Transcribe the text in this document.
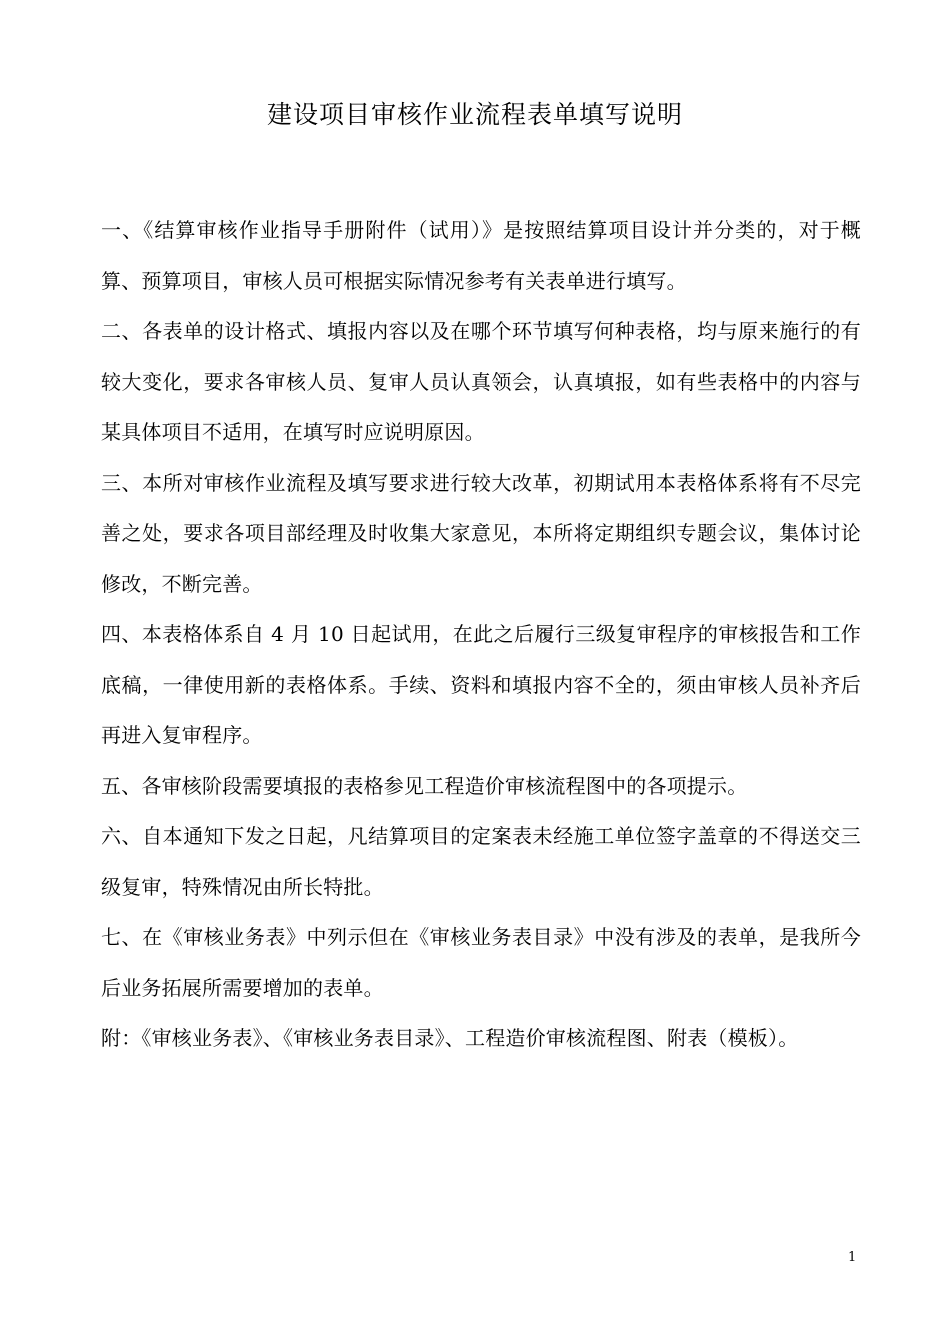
建设项目审核作业流程表单填写说明

一、《结算审核作业指导手册附件（试用）》是按照结算项目设计并分类的，对于概算、预算项目，审核人员可根据实际情况参考有关表单进行填写。

二、各表单的设计格式、填报内容以及在哪个环节填写何种表格，均与原来施行的有较大变化，要求各审核人员、复审人员认真领会，认真填报，如有些表格中的内容与某具体项目不适用，在填写时应说明原因。

三、本所对审核作业流程及填写要求进行较大改革，初期试用本表格体系将有不尽完善之处，要求各项目部经理及时收集大家意见，本所将定期组织专题会议，集体讨论修改，不断完善。

四、本表格体系自 4 月 10 日起试用，在此之后履行三级复审程序的审核报告和工作底稿，一律使用新的表格体系。手续、资料和填报内容不全的，须由审核人员补齐后再进入复审程序。

五、各审核阶段需要填报的表格参见工程造价审核流程图中的各项提示。

六、自本通知下发之日起，凡结算项目的定案表未经施工单位签字盖章的不得送交三级复审，特殊情况由所长特批。

七、在《审核业务表》中列示但在《审核业务表目录》中没有涉及的表单，是我所今后业务拓展所需要增加的表单。

附：《审核业务表》、《审核业务表目录》、工程造价审核流程图、附表（模板）。

1
